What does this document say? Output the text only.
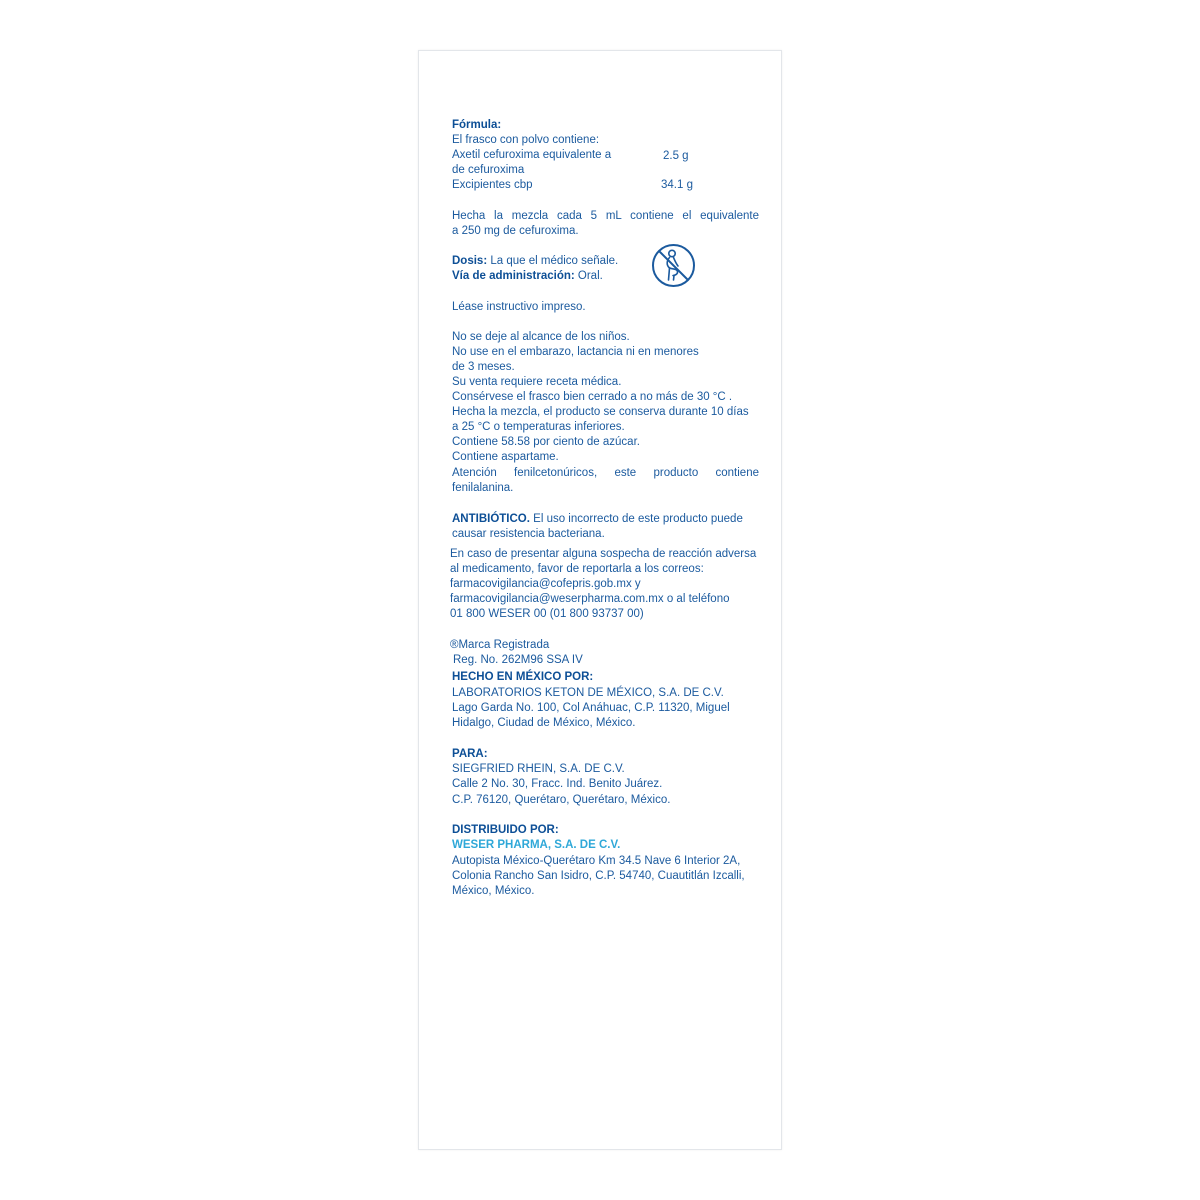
Fórmula:

El frasco con polvo contiene:

Axetil cefuroxima equivalente a	2.5 g

de cefuroxima

Excipientes cbp	34.1 g

Hecha la mezcla cada 5 mL contiene el equivalente

a 250 mg de cefuroxima.

Dosis: La que el médico señale.

Vía de administración: Oral.

Léase instructivo impreso.

No se deje al alcance de los niños.

No use en el embarazo, lactancia ni en menores

de 3 meses.

Su venta requiere receta médica.

Consérvese el frasco bien cerrado a no más de 30 °C .

Hecha la mezcla, el producto se conserva durante 10 días

a 25 °C o temperaturas inferiores.

Contiene 58.58 por ciento de azúcar.

Contiene aspartame.

Atención fenilcetonúricos, este producto contiene

fenilalanina.

ANTIBIÓTICO. El uso incorrecto de este producto puede

causar resistencia bacteriana.

En caso de presentar alguna sospecha de reacción adversa

al medicamento, favor de reportarla a los correos:

farmacovigilancia@cofepris.gob.mx y

farmacovigilancia@weserpharma.com.mx o al teléfono

01 800 WESER 00 (01 800 93737 00)

®Marca Registrada

Reg. No. 262M96 SSA IV

HECHO EN MÉXICO POR:

LABORATORIOS KETON DE MÉXICO, S.A. DE C.V.

Lago Garda No. 100, Col Anáhuac, C.P. 11320, Miguel

Hidalgo, Ciudad de México, México.

PARA:

SIEGFRIED RHEIN, S.A. DE C.V.

Calle 2 No. 30, Fracc. Ind. Benito Juárez.

C.P. 76120, Querétaro, Querétaro, México.

DISTRIBUIDO POR:

WESER PHARMA, S.A. DE C.V.

Autopista México-Querétaro Km 34.5 Nave 6 Interior 2A,

Colonia Rancho San Isidro, C.P. 54740, Cuautitlán Izcalli,

México, México.
